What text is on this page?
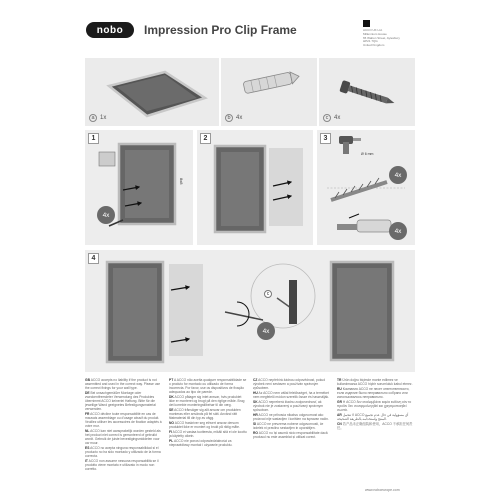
nobo Impression Pro Clip Frame	ACCO UK Ltd.
Millennium House
65 Walton Street, Aylesbury
HP21 7QG
United Kingdom
a 1x	b 4x	c 4x
1
4x
8x8
2	3
Ø 6 mm
4x
4x
4
4x
c

GB ACCO accepts no liability if the product is not assembled and used in the correct way. Please use the correct fixings for your wall type.

DE Bei unsachgemäßer Montage oder zweckentfremdeter Verwendung des Produktes übernimmt ACCO keinerlei Haftung. Bitte für die jeweilige Wand geeignetes Befestigungsmaterial verwenden.

FR ACCO décline toute responsabilité en cas de mauvais assemblage ou d’usage abusif du produit. Veuillez utiliser les accessoires de fixation adaptés à votre mur.

NL ACCO kan niet aansprakelijk worden gesteld als het product niet correct is gemonteerd of gebruikt wordt. Gebruik de juiste bevestigingsmiddelen voor uw muur.

ES ACCO no acepta ninguna responsabilidad si el producto no ha sido montado y utilizado de la forma correcta.

IT ACCO non assume nessuna responsabilità se il prodotto viene montato e utilizzato in modo non corretto.

PT A ACCO não aceita qualquer responsabilidade se o produto for montado ou utilizado de forma incorrecta. Por favor, use os dispositivos de fixação adequados ao tipo de parede.

DK ACCO påtager sig intet ansvar, hvis produktet ikke er monteret og brugt på den rigtige måde. Brug det korrekte monteringstilbehør til din væg.

SE ACCO frånsäger sig allt ansvar om produkten monteras eller används på fel sätt. Använd rätt fästmaterial till din typ av vägg.

NO ACCO fraskriver seg ethvert ansvar dersom produktet ikke er montert og brukt på riktig måte.

FI ACCO ei vastaa tuotteesta, mikäli sitä ei ole koottu ja käytetty oikein.

PL ACCO nie ponosi odpowiedzialności za nieprawidłowy montaż i używanie produktu.

CZ ACCO nepřebírá žádnou odpovědnost, pokud výrobek není sestaven a používán správným způsobem.

HU Az ACCO nem vállal felelősséget, ha a terméket nem megfelelő módon szerelik össze és használják.

SK ACCO nepreberá žiadnu zodpovednosť, ak výrobok nie je zostavený a používaný správnym spôsobom.

HR ACCO ne prihvaća nikakvu odgovornost ako proizvod nije sastavljen i korišten na ispravan način.

SI ACCO ne prevzema nobene odgovornosti, če izdelek ni pravilno sestavljen in uporabljen.

RO ACCO nu își asumă nicio responsabilitate dacă produsul nu este asamblat și utilizat corect.

TR Ürün doğru biçimde monte edilmez ve kullanılmazsa ACCO hiçbir sorumluluk kabul etmez.

RU Компания ACCO не несет ответственности, если изделие было неправильно собрано или использовалось неправильно.

GR Η ACCO δεν αναλαμβάνει καμία ευθύνη εάν το προϊόν δεν συναρμολογηθεί και χρησιμοποιηθεί σωστά.

AR لا تتحمل ACCO أي مسؤولية في حال عدم تجميع المنتج واستخدامه بالطريقة الصحيحة.

CN 若产品未正确组装和使用，ACCO 不承担任何责任。

www.noboeurope.com
